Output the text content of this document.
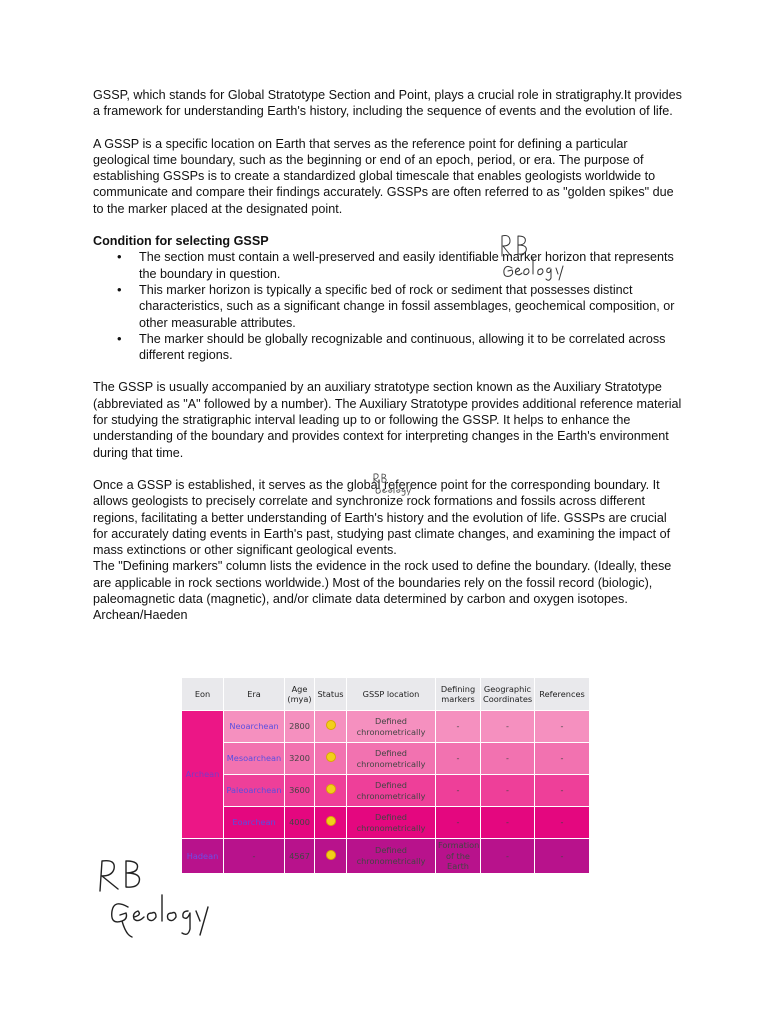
GSSP, which stands for Global Stratotype Section and Point, plays a crucial role in stratigraphy.It provides a framework for understanding Earth's history, including the sequence of events and the evolution of life.

A GSSP is a specific location on Earth that serves as the reference point for defining a particular geological time boundary, such as the beginning or end of an epoch, period, or era. The purpose of establishing GSSPs is to create a standardized global timescale that enables geologists worldwide to communicate and compare their findings accurately. GSSPs are often referred to as "golden spikes" due to the marker placed at the designated point.

Condition for selecting GSSP
• The section must contain a well-preserved and easily identifiable marker horizon that represents the boundary in question.
• This marker horizon is typically a specific bed of rock or sediment that possesses distinct characteristics, such as a significant change in fossil assemblages, geochemical composition, or other measurable attributes.
• The marker should be globally recognizable and continuous, allowing it to be correlated across different regions.

The GSSP is usually accompanied by an auxiliary stratotype section known as the Auxiliary Stratotype (abbreviated as "A" followed by a number). The Auxiliary Stratotype provides additional reference material for studying the stratigraphic interval leading up to or following the GSSP. It helps to enhance the understanding of the boundary and provides context for interpreting changes in the Earth's environment during that time.

Once a GSSP is established, it serves as the global reference point for the corresponding boundary. It allows geologists to precisely correlate and synchronize rock formations and fossils across different regions, facilitating a better understanding of Earth's history and the evolution of life. GSSPs are crucial for accurately dating events in Earth's past, studying past climate changes, and examining the impact of mass extinctions or other significant geological events.

The "Defining markers" column lists the evidence in the rock used to define the boundary. (Ideally, these are applicable in rock sections worldwide.) Most of the boundaries rely on the fossil record (biologic), paleomagnetic data (magnetic), and/or climate data determined by carbon and oxygen isotopes.

Archean/Haeden

Eon	Era	Age (mya)	Status	GSSP location	Defining markers	Geographic Coordinates	References
Archean	Neoarchean	2800		Defined chronometrically	-	-	-
	Mesoarchean	3200		Defined chronometrically	-	-	-
	Paleoarchean	3600		Defined chronometrically	-	-	-
	Eoarchean	4000		Defined chronometrically	-	-	-
Hadean	-	4567		Defined chronometrically	Formation of the Earth	-	-
